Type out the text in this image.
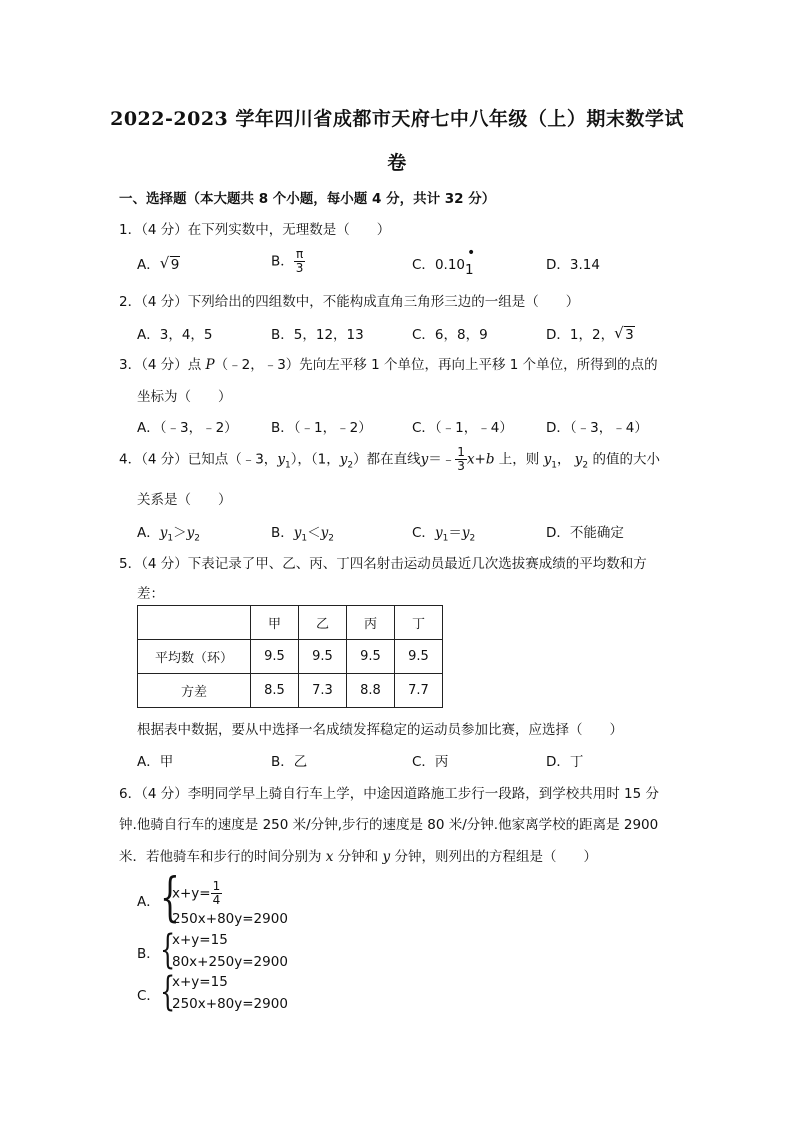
2022-2023 学年四川省成都市天府七中八年级（上）期末数学试
卷
一、选择题（本大题共 8 个小题，每小题 4 分，共计 32 分）
1．（4 分）在下列实数中，无理数是（　　）
A． √ 9	B． $\frac{\pi}{3}$	C．0.10
•
1	D．3.14
2．（4 分）下列给出的四组数中，不能构成直角三角形三边的一组是（　　）
A．3，4，5	B．5，12，13	C．6，8，9	D．1，2， √ 3
3．（4 分）点 P（﹣2，﹣3）先向左平移 1 个单位，再向上平移 1 个单位，所得到的点的
坐标为（　　）
A．（﹣3，﹣2） B．（﹣1，﹣2）	C．（﹣1，﹣4） D．（﹣3，﹣4）
4．（4 分）已知点（﹣3，$y_1$），（1，$y_2$）都在直线y＝﹣ $\frac{1}{3} x+b$ 上，则 $y_1$， $y_2$ 的值的大小
关系是（　　）
A．$y_1>y_2$	B．$y_1<y_2$	C．$y_1=y_2$	D．不能确定
5．（4 分）下表记录了甲、乙、丙、丁四名射击运动员最近几次选拔赛成绩的平均数和方
差：
	甲	乙	丙	丁
平均数（环）	9.5	9.5	9.5	9.5
方差	8.5	7.3	8.8	7.7
根据表中数据，要从中选择一名成绩发挥稳定的运动员参加比赛，应选择（　　）
A．甲	B．乙	C．丙	D．丁
6．（4 分）李明同学早上骑自行车上学，中途因道路施工步行一段路，到学校共用时 15 分
钟.他骑自行车的速度是 250 米/分钟,步行的速度是 80 米/分钟.他家离学校的距离是 2900
米．若他骑车和步行的时间分别为 x 分钟和 y 分钟，则列出的方程组是（　　）
A． {
$x+y= \frac{1}{4}$
250x+80y=2900
B． {
x+y=15
80x+250y=2900
C． {
x+y=15
250x+80y=2900
